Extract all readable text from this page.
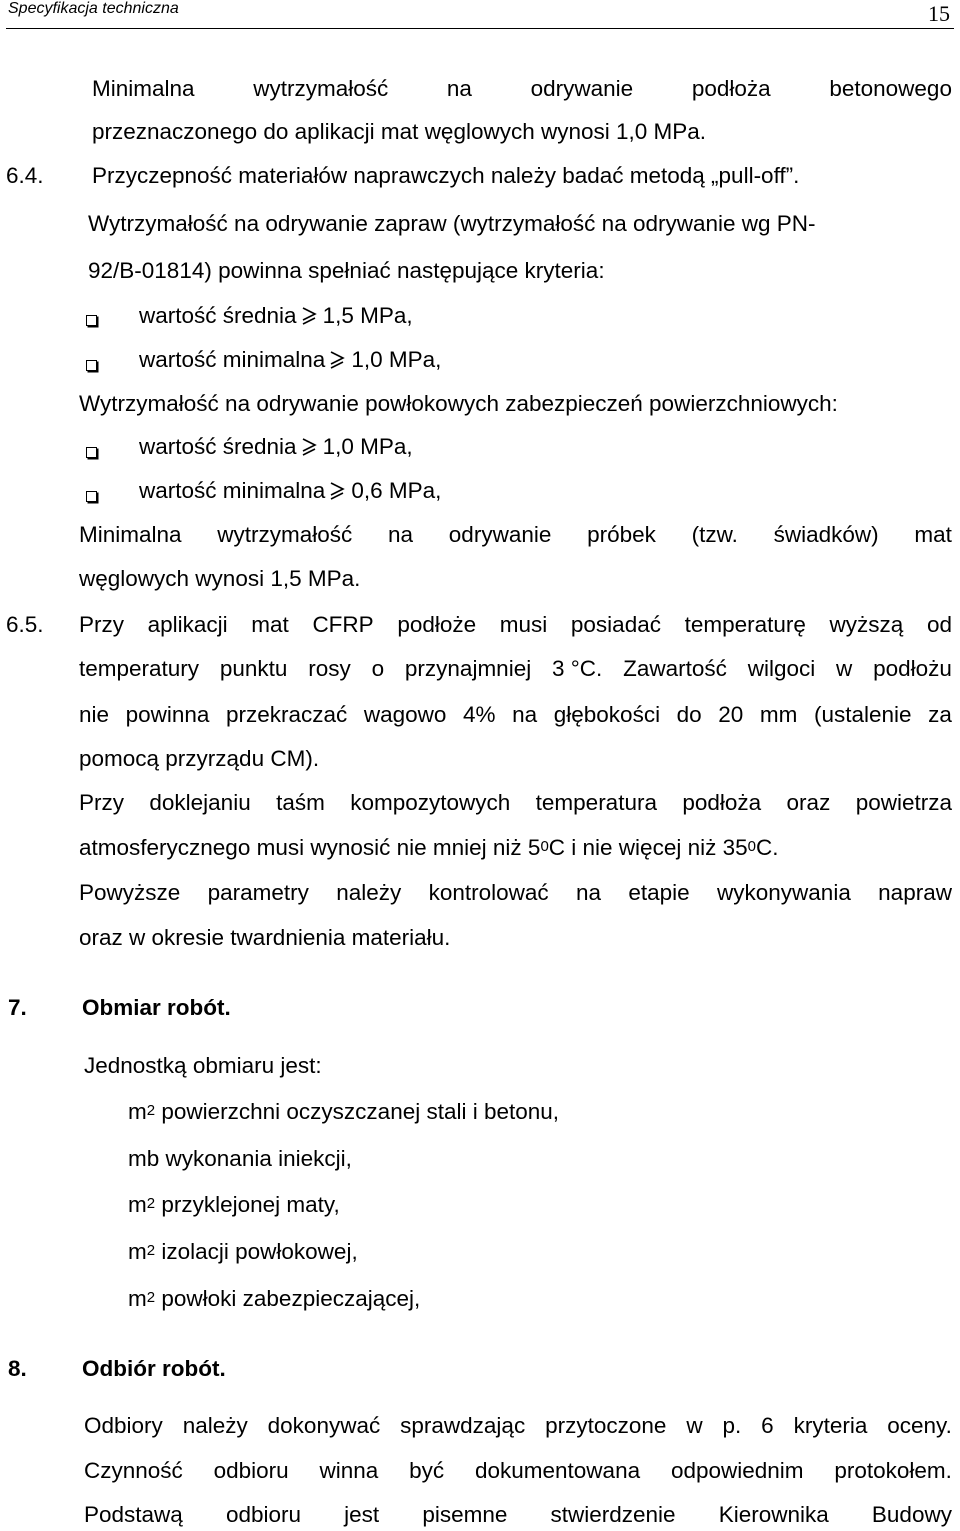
Specyfikacja techniczna	15
Minimalna	wytrzymałość	na	odrywanie	podłoża	betonowego
przeznaczonego do aplikacji mat węglowych wynosi 1,0 MPa.
6.4. Przyczepność materiałów naprawczych należy badać metodą „pull-off”.
Wytrzymałość na odrywanie zapraw (wytrzymałość na odrywanie wg PN-
92/B-01814) powinna spełniać następujące kryteria:
wartość średnia 1,5 MPa,
wartość minimalna 1,0 MPa,
Wytrzymałość na odrywanie powłokowych zabezpieczeń powierzchniowych:
wartość średnia 1,0 MPa,
wartość minimalna 0,6 MPa,
Minimalna wytrzymałość na odrywanie próbek (tzw. świadków) mat
węglowych wynosi 1,5 MPa.
6.5. Przy aplikacji mat CFRP podłoże musi posiadać temperaturę wyższą od
temperatury punktu rosy o przynajmniej 3 °C. Zawartość wilgoci w podłożu
nie powinna przekraczać wagowo 4% na głębokości do 20 mm (ustalenie za
pomocą przyrządu CM).
Przy doklejaniu taśm kompozytowych temperatura podłoża oraz powietrza
atmosferycznego musi wynosić nie mniej niż $5^0C$ i nie więcej niż $35^0C$.
Powyższe parametry należy kontrolować na etapie wykonywania napraw
oraz w okresie twardnienia materiału.
7. Obmiar robót.
Jednostką obmiaru jest:
$m^2$ powierzchni oczyszczanej stali i betonu,
mb wykonania iniekcji,
$m^2$ przyklejonej maty,
$m^2$ izolacji powłokowej,
$m^2$ powłoki zabezpieczającej,
8. Odbiór robót.
Odbiory należy dokonywać sprawdzając przytoczone w p. 6 kryteria oceny.
Czynność odbioru winna być dokumentowana odpowiednim protokołem.
Podstawą odbioru jest pisemne stwierdzenie Kierownika Budowy
